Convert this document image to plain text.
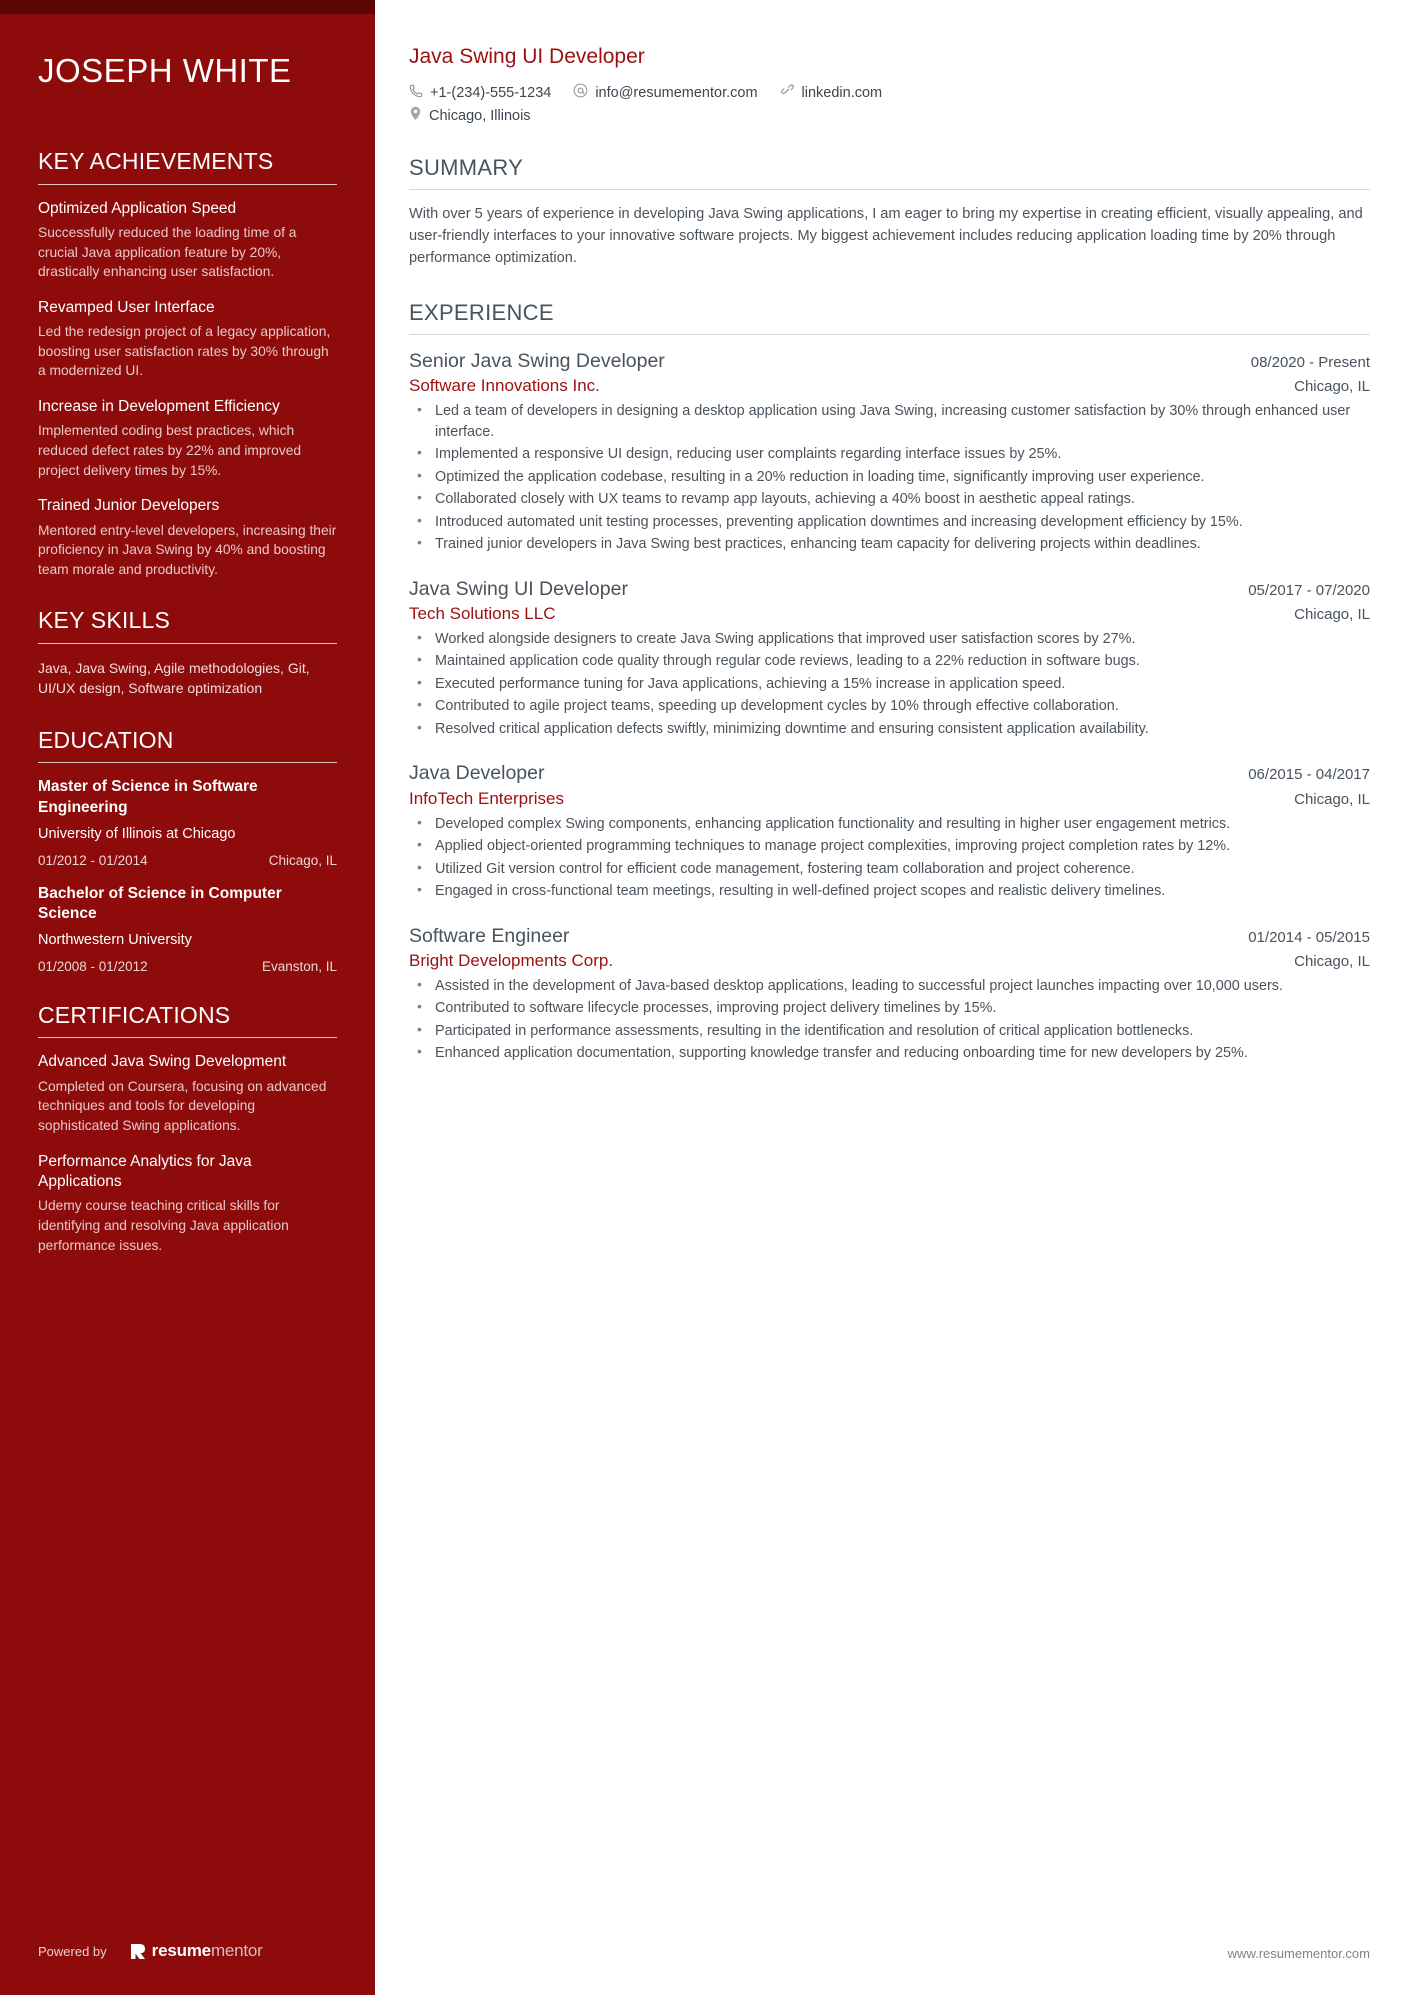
JOSEPH WHITE
KEY ACHIEVEMENTS
Optimized Application Speed
Successfully reduced the loading time of a crucial Java application feature by 20%, drastically enhancing user satisfaction.
Revamped User Interface
Led the redesign project of a legacy application, boosting user satisfaction rates by 30% through a modernized UI.
Increase in Development Efficiency
Implemented coding best practices, which reduced defect rates by 22% and improved project delivery times by 15%.
Trained Junior Developers
Mentored entry-level developers, increasing their proficiency in Java Swing by 40% and boosting team morale and productivity.
KEY SKILLS
Java, Java Swing, Agile methodologies, Git, UI/UX design, Software optimization
EDUCATION
Master of Science in Software Engineering
University of Illinois at Chicago
01/2012 - 01/2014	Chicago, IL
Bachelor of Science in Computer Science
Northwestern University
01/2008 - 01/2012	Evanston, IL
CERTIFICATIONS
Advanced Java Swing Development
Completed on Coursera, focusing on advanced techniques and tools for developing sophisticated Swing applications.
Performance Analytics for Java Applications
Udemy course teaching critical skills for identifying and resolving Java application performance issues.
Powered by	resumementor
Java Swing UI Developer
+1-(234)-555-1234	info@resumementor.com	linkedin.com
Chicago, Illinois
SUMMARY

With over 5 years of experience in developing Java Swing applications, I am eager to bring my expertise in creating efficient, visually appealing, and user-friendly interfaces to your innovative software projects. My biggest achievement includes reducing application loading time by 20% through performance optimization.

EXPERIENCE
Senior Java Swing Developer	08/2020 - Present
Software Innovations Inc.	Chicago, IL
• Led a team of developers in designing a desktop application using Java Swing, increasing customer satisfaction by 30% through enhanced user interface.
• Implemented a responsive UI design, reducing user complaints regarding interface issues by 25%.
• Optimized the application codebase, resulting in a 20% reduction in loading time, significantly improving user experience.
• Collaborated closely with UX teams to revamp app layouts, achieving a 40% boost in aesthetic appeal ratings.
• Introduced automated unit testing processes, preventing application downtimes and increasing development efficiency by 15%.
• Trained junior developers in Java Swing best practices, enhancing team capacity for delivering projects within deadlines.
Java Swing UI Developer	05/2017 - 07/2020
Tech Solutions LLC	Chicago, IL
• Worked alongside designers to create Java Swing applications that improved user satisfaction scores by 27%.
• Maintained application code quality through regular code reviews, leading to a 22% reduction in software bugs.
• Executed performance tuning for Java applications, achieving a 15% increase in application speed.
• Contributed to agile project teams, speeding up development cycles by 10% through effective collaboration.
• Resolved critical application defects swiftly, minimizing downtime and ensuring consistent application availability.
Java Developer	06/2015 - 04/2017
InfoTech Enterprises	Chicago, IL
• Developed complex Swing components, enhancing application functionality and resulting in higher user engagement metrics.
• Applied object-oriented programming techniques to manage project complexities, improving project completion rates by 12%.
• Utilized Git version control for efficient code management, fostering team collaboration and project coherence.
• Engaged in cross-functional team meetings, resulting in well-defined project scopes and realistic delivery timelines.
Software Engineer	01/2014 - 05/2015
Bright Developments Corp.	Chicago, IL
• Assisted in the development of Java-based desktop applications, leading to successful project launches impacting over 10,000 users.
• Contributed to software lifecycle processes, improving project delivery timelines by 15%.
• Participated in performance assessments, resulting in the identification and resolution of critical application bottlenecks.
• Enhanced application documentation, supporting knowledge transfer and reducing onboarding time for new developers by 25%.
www.resumementor.com
